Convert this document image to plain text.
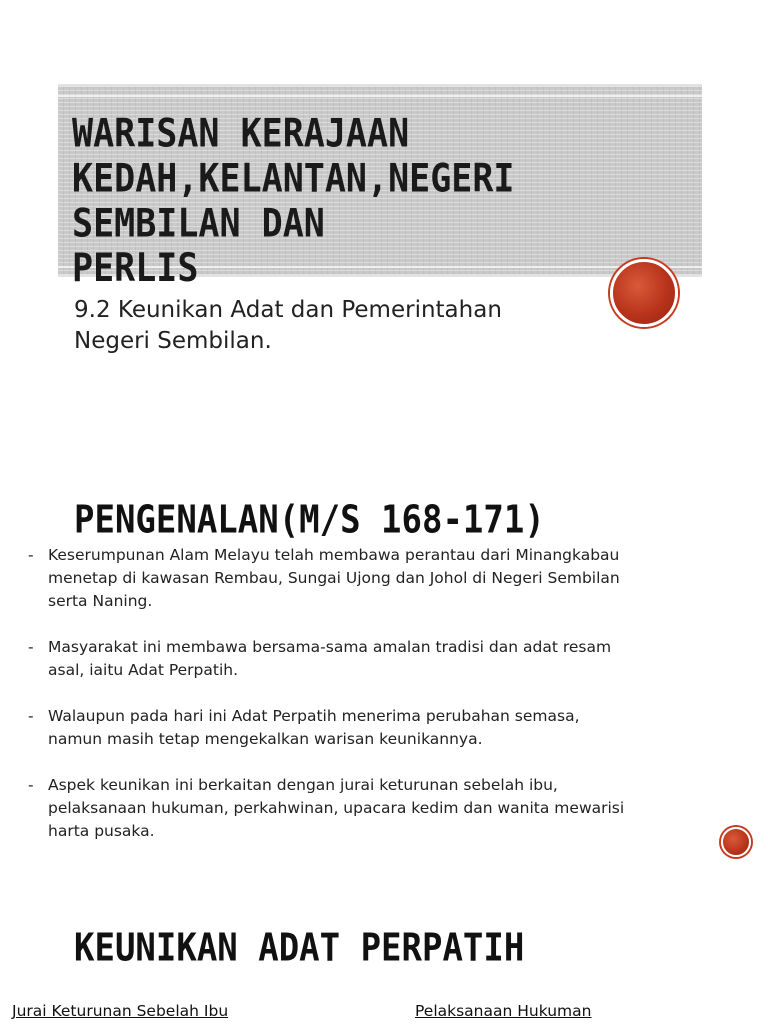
WARISAN KERAJAAN
KEDAH,KELANTAN,NEGERI SEMBILAN DAN
PERLIS

9.2 Keunikan Adat dan Pemerintahan
Negeri Sembilan.

PENGENALAN(M/S 168-171)
- Keserumpunan Alam Melayu telah membawa perantau dari Minangkabau
menetap di kawasan Rembau, Sungai Ujong dan Johol di Negeri Sembilan
serta Naning.
- Masyarakat ini membawa bersama-sama amalan tradisi dan adat resam
asal, iaitu Adat Perpatih.
- Walaupun pada hari ini Adat Perpatih menerima perubahan semasa,
namun masih tetap mengekalkan warisan keunikannya.
- Aspek keunikan ini berkaitan dengan jurai keturunan sebelah ibu,
pelaksanaan hukuman, perkahwinan, upacara kedim dan wanita mewarisi
harta pusaka.
KEUNIKAN ADAT PERPATIH

Jurai Keturunan Sebelah Ibu	Pelaksanaan Hukuman
